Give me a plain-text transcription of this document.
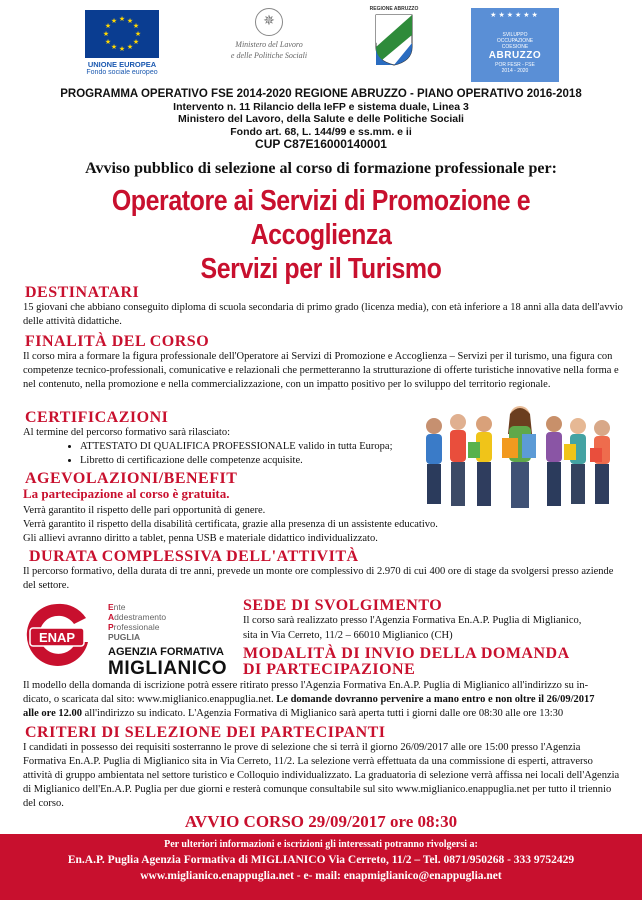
★ ★
★
★
★
★
★
★
★
★
★
★
UNIONE EUROPEA
Fondo sociale europeo
✵
Ministero del Lavoro
e delle Politiche Sociali
REGIONE ABRUZZO
★★★★★★
SVILUPPO
OCCUPAZIONE
COESIONE
ABRUZZO
POR FESR - FSE
2014 - 2020
PROGRAMMA OPERATIVO FSE 2014-2020 REGIONE ABRUZZO - PIANO OPERATIVO 2016-2018
Intervento n. 11 Rilancio della IeFP e sistema duale, Linea 3
Ministero del Lavoro, della Salute e delle Politiche Sociali
Fondo art. 68, L. 144/99 e ss.mm. e ii
CUP C87E16000140001
Avviso pubblico di selezione al corso di formazione professionale per:
Operatore ai Servizi di Promozione e Accoglienza
Servizi per il Turismo
DESTINATARI
15 giovani che abbiano conseguito diploma di scuola secondaria di primo grado (licenza media), con età inferiore a 18 anni alla data dell'avvio delle attività didattiche.
FINALITÀ DEL CORSO
Il corso mira a formare la figura professionale dell'Operatore ai Servizi di Promozione e Accoglienza – Servizi per il turismo, una figura con competenze tecnico-professionali, comunicative e relazionali che permetteranno la strutturazione di offerte turistiche innovative nella forma e nel contenuto, nella promozione e nella commercializzazione, con un impatto positivo per lo sviluppo del territorio regionale.
CERTIFICAZIONI
Al termine del percorso formativo sarà rilasciato:
• ATTESTATO DI QUALIFICA PROFESSIONALE valido in tutta Europa;
• Libretto di certificazione delle competenze acquisite.
AGEVOLAZIONI/BENEFIT
La partecipazione al corso è gratuita.
Verrà garantito il rispetto delle pari opportunità di genere.
Verrà garantito il rispetto della disabilità certificata, grazie alla presenza di un assistente educativo.
Gli allievi avranno diritto a tablet, penna USB e materiale didattico individualizzato.
DURATA COMPLESSIVA DELL'ATTIVITÀ
Il percorso formativo, della durata di tre anni, prevede un monte ore complessivo di 2.970 di cui 400 ore di stage da svolgersi presso aziende del settore.
ENAP
Ente
Addestramento
Professionale
PUGLIA
AGENZIA FORMATIVA
MIGLIANICO
SEDE DI SVOLGIMENTO
Il corso sarà realizzato presso l'Agenzia Formativa En.A.P. Puglia di Miglianico,
sita in Via Cerreto, 11/2 – 66010 Miglianico (CH)
MODALITÀ DI INVIO DELLA DOMANDA
DI PARTECIPAZIONE
Il modello della domanda di iscrizione potrà essere ritirato presso l'Agenzia Formativa En.A.P. Puglia di Miglianico all'indirizzo su in-
dicato, o scaricata dal sito: www.miglianico.enappuglia.net. Le domande dovranno pervenire a mano entro e non oltre il 26/09/2017
alle ore 12.00 all'indirizzo su indicato. L'Agenzia Formativa di Miglianico sarà aperta tutti i giorni dalle ore 08:30 alle ore 13:30
CRITERI DI SELEZIONE DEI PARTECIPANTI
I candidati in possesso dei requisiti sosterranno le prove di selezione che si terrà il giorno 26/09/2017 alle ore 15:00 presso l'Agenzia Formativa En.A.P. Puglia di Miglianico sita in Via Cerreto, 11/2. La selezione verrà effettuata da una commissione di esperti, attraverso attività di gruppo ambientata nel settore turistico e Colloquio individualizzato. La graduatoria di selezione verrà affissa nei locali dell'Agenzia di Miglianico dell'En.A.P. Puglia per due giorni e resterà comunque consultabile sul sito www.miglianico.enappuglia.net per tutto il triennio del corso.
AVVIO CORSO 29/09/2017 ore 08:30
Per ulteriori informazioni e iscrizioni gli interessati potranno rivolgersi a:
En.A.P. Puglia Agenzia Formativa di MIGLIANICO Via Cerreto, 11/2 – Tel. 0871/950268 - 333 9752429
www.miglianico.enappuglia.net - e- mail: enapmiglianico@enappuglia.net
